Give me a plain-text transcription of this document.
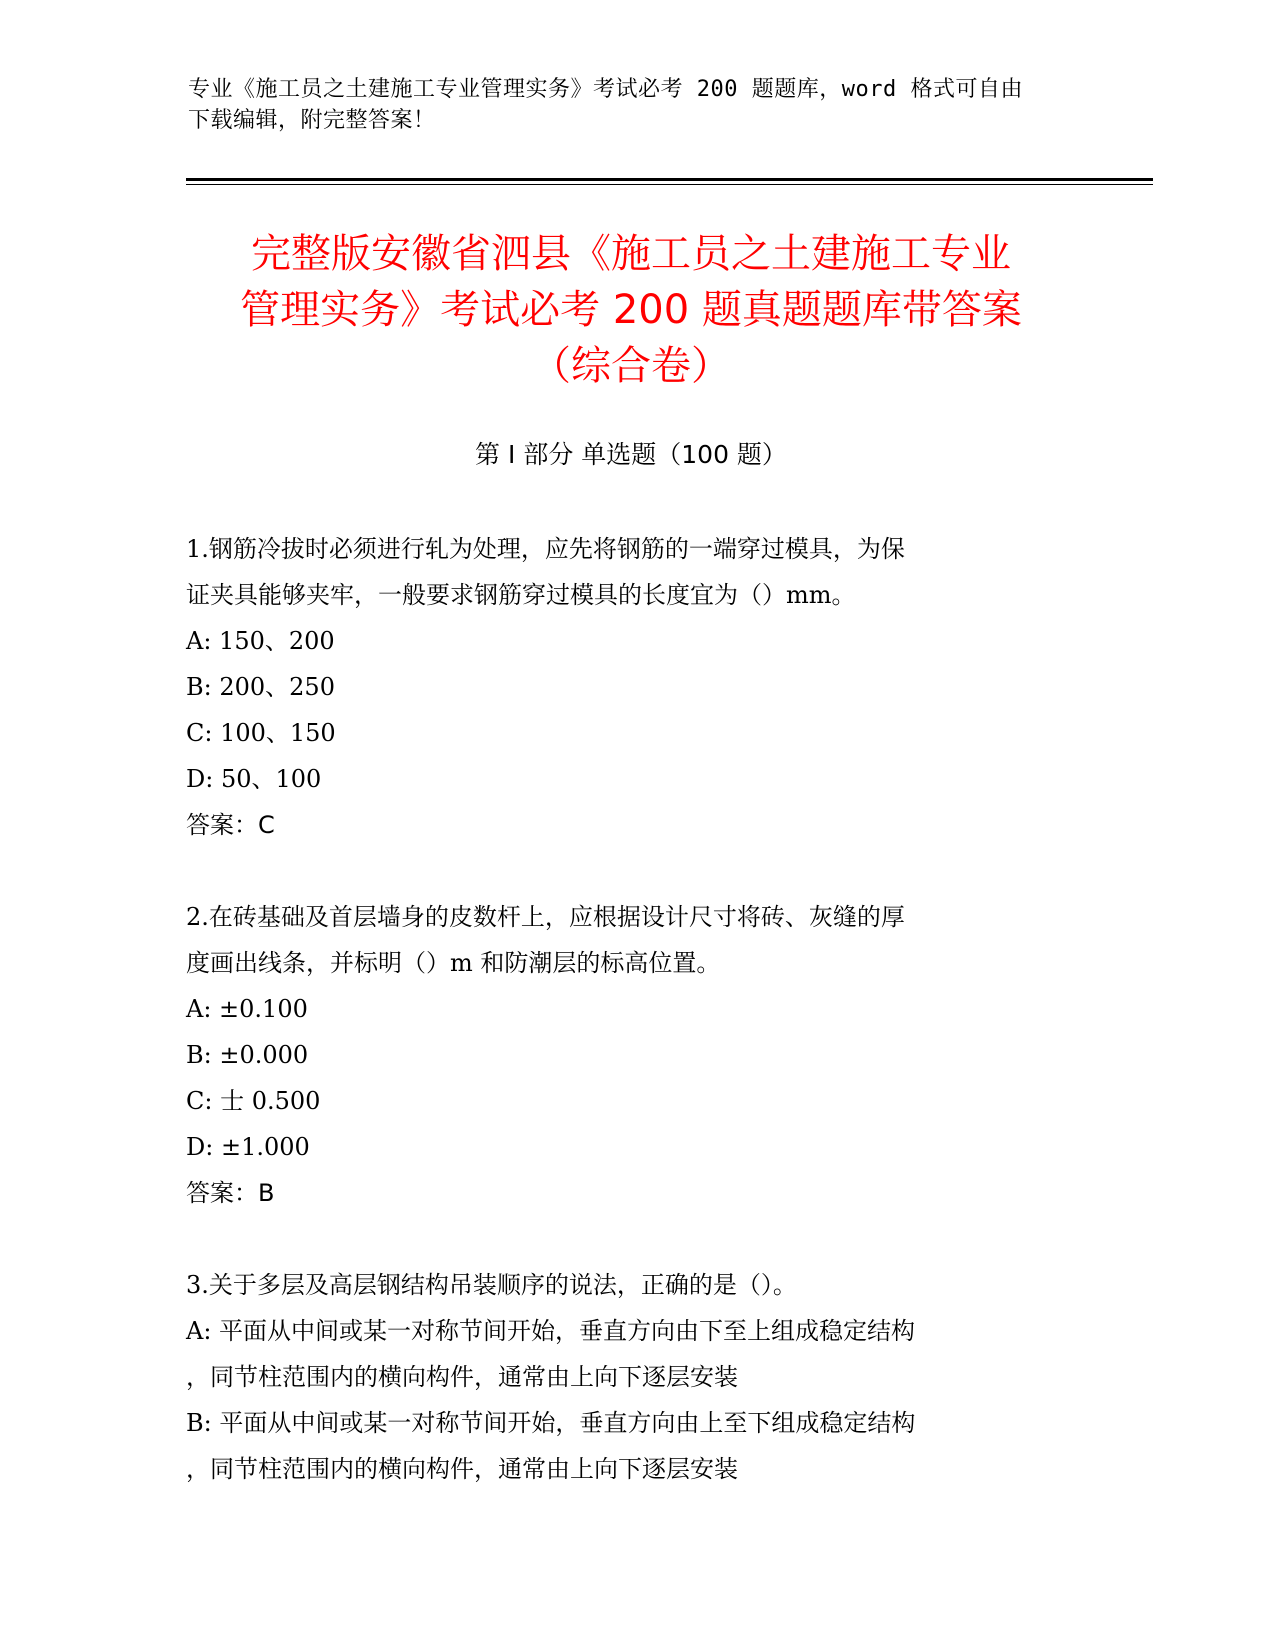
专业《施工员之土建施工专业管理实务》考试必考 200 题题库，word 格式可自由
下载编辑，附完整答案！
完整版安徽省泗县《施工员之土建施工专业
管理实务》考试必考 200 题真题题库带答案
（综合卷）
第 I 部分 单选题（100 题）
1.钢筋冷拔时必须进行轧为处理，应先将钢筋的一端穿过模具，为保
证夹具能够夹牢，一般要求钢筋穿过模具的长度宜为（）mm。
A: 150、200
B: 200、250
C: 100、150
D: 50、100
答案：C
2.在砖基础及首层墙身的皮数杆上，应根据设计尺寸将砖、灰缝的厚
度画出线条，并标明（）m 和防潮层的标高位置。
A: ±0.100
B: ±0.000
C: 士 0.500
D: ±1.000
答案：B
3.关于多层及高层钢结构吊装顺序的说法，正确的是（）。
A: 平面从中间或某一对称节间开始，垂直方向由下至上组成稳定结构
，同节柱范围内的横向构件，通常由上向下逐层安装
B: 平面从中间或某一对称节间开始，垂直方向由上至下组成稳定结构
，同节柱范围内的横向构件，通常由上向下逐层安装
